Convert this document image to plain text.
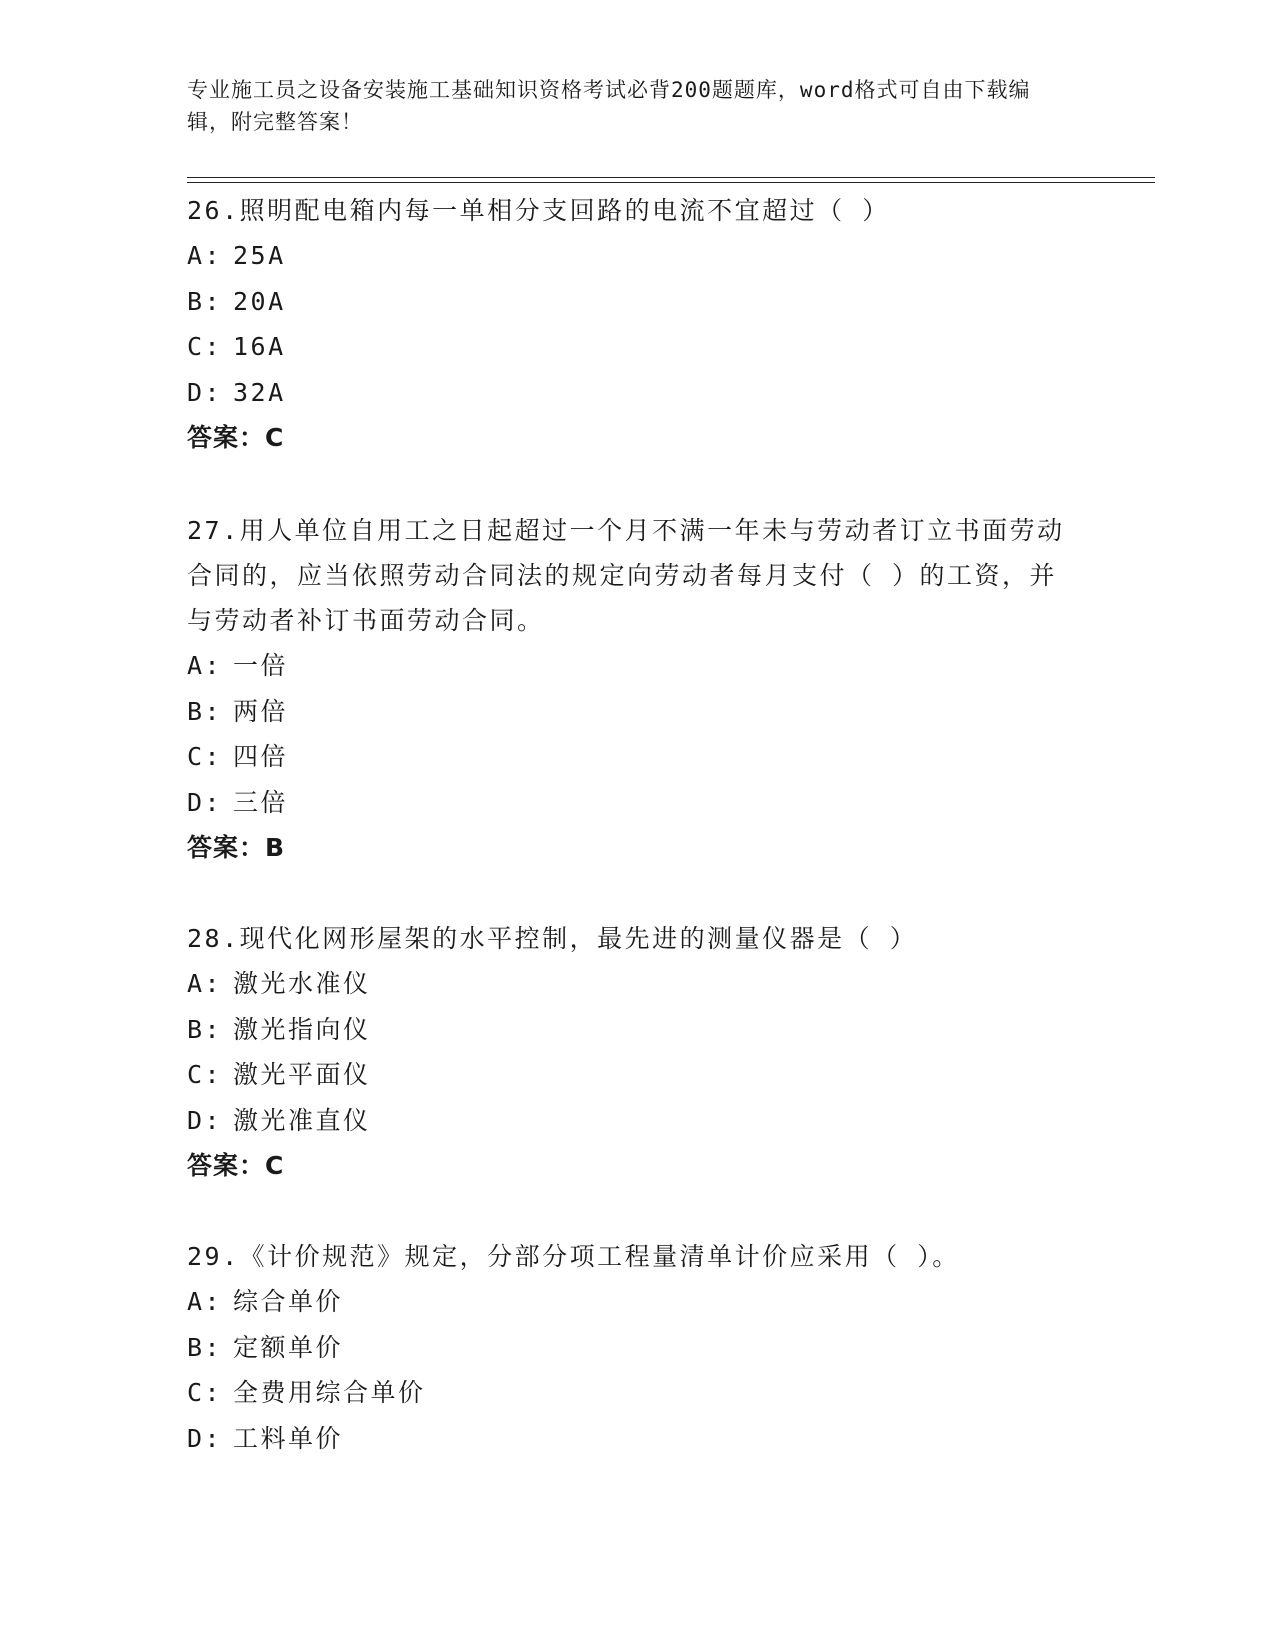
专业施工员之设备安装施工基础知识资格考试必背200题题库，word格式可自由下载编辑，附完整答案！

26.照明配电箱内每一单相分支回路的电流不宜超过（ ）

A: 25A

B: 20A

C: 16A

D: 32A

答案：C

27.用人单位自用工之日起超过一个月不满一年未与劳动者订立书面劳动合同的，应当依照劳动合同法的规定向劳动者每月支付（ ）的工资，并与劳动者补订书面劳动合同。

A: 一倍

B: 两倍

C: 四倍

D: 三倍

答案：B

28.现代化网形屋架的水平控制，最先进的测量仪器是（ ）

A: 激光水准仪

B: 激光指向仪

C: 激光平面仪

D: 激光准直仪

答案：C

29.《计价规范》规定，分部分项工程量清单计价应采用（ ）。

A: 综合单价

B: 定额单价

C: 全费用综合单价

D: 工料单价
